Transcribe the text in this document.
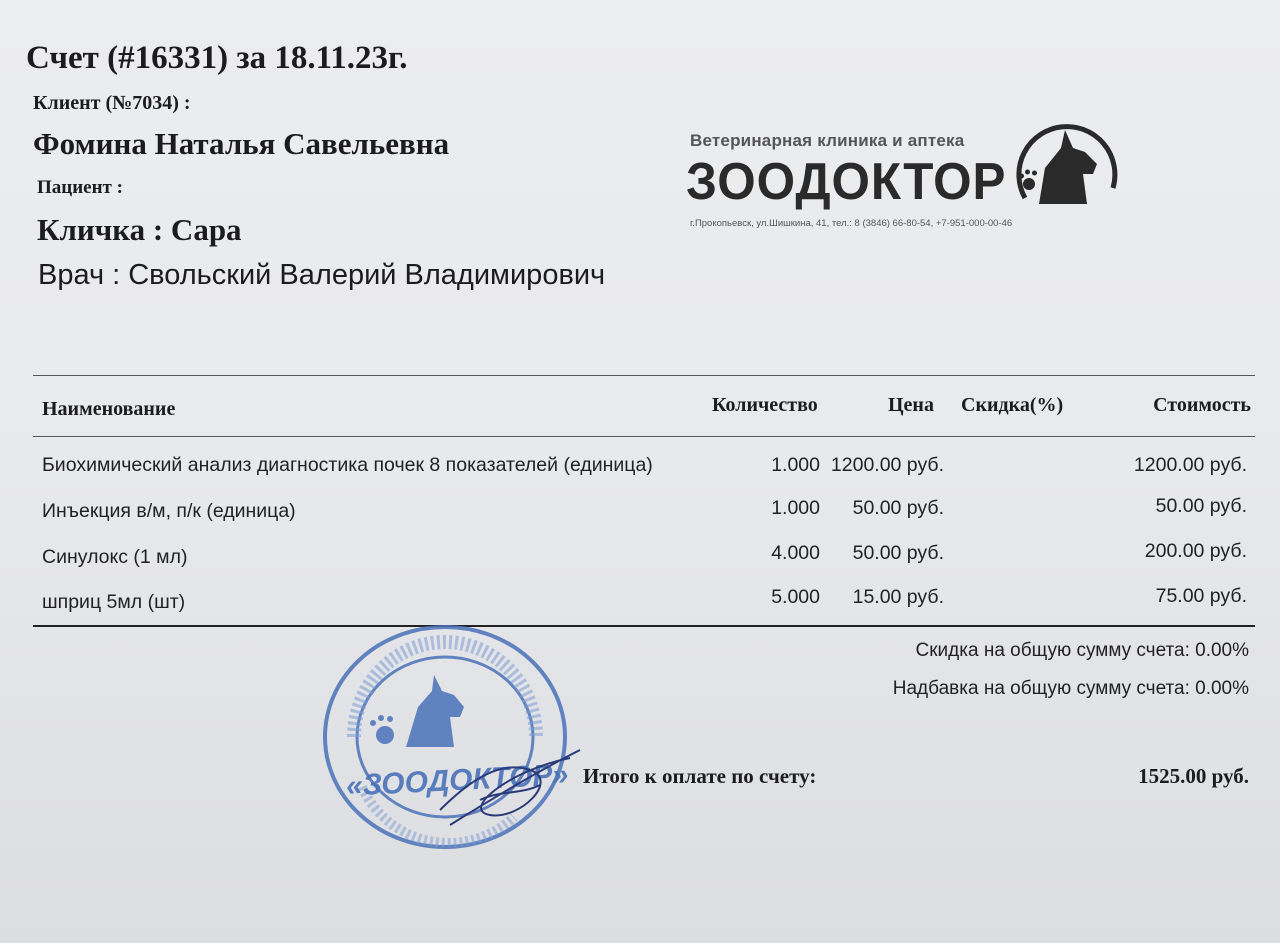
Счет (#16331) за 18.11.23г.
Клиент (№7034) :
Фомина Наталья Савельевна
Пациент :
Кличка : Сара
Врач : Свольский Валерий Владимирович
Ветеринарная клиника и аптека
ЗООДОКТОР
г.Прокопьевск, ул.Шишкина, 41, тел.: 8 (3846) 66-80-54, +7-951-000-00-46
Наименование	Количество	Цена Скидка(%)	Стоимость
Биохимический анализ диагностика почек 8 показателей (единица)	1.000 1200.00 руб.	1200.00 руб.
Инъекция в/м, п/к (единица)	1.000 50.00 руб.	50.00 руб.
Синулокс (1 мл)	4.000 50.00 руб.	200.00 руб.
шприц 5мл (шт)	5.000 15.00 руб.	75.00 руб.
Скидка на общую сумму счета: 0.00%
Надбавка на общую сумму счета: 0.00%
Итого к оплате по счету:	1525.00 руб.
«ЗООДОКТОР»
